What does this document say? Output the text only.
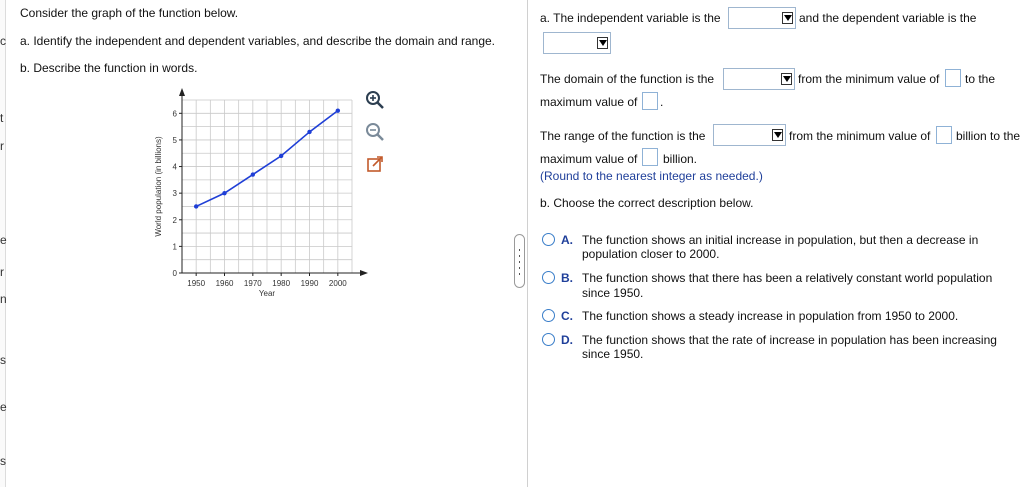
c
t
r
e
r
n
s
e
s
Consider the graph of the function below.
a. Identify the independent and dependent variables, and describe the domain and range.
b. Describe the function in words.
0
1
2
3
4
5
6
1950 1960 1970 1980 1990 2000
Year
World population (in billions)
a. The independent variable is the	and the dependent variable is the
The domain of the function is the	from the minimum value of to the
maximum value of .
The range of the function is the	from the minimum value of billion to the
maximum value of billion.
(Round to the nearest integer as needed.)
b. Choose the correct description below.
A. The function shows an initial increase in population, but then a decrease in
population closer to 2000.
B. The function shows that there has been a relatively constant world population
since 1950.
C. The function shows a steady increase in population from 1950 to 2000.
D. The function shows that the rate of increase in population has been increasing
since 1950.
